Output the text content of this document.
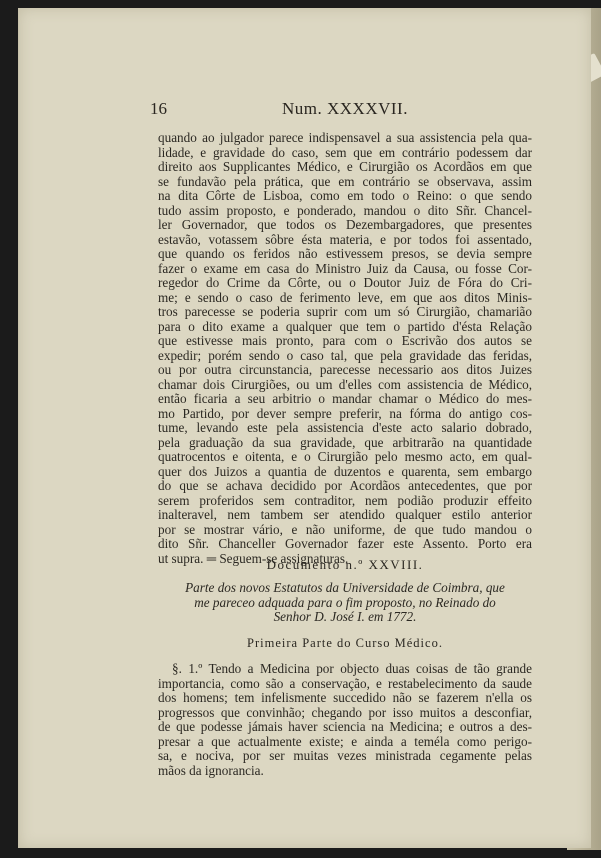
16	Num. XXXXVII.
quando ao julgador parece indispensavel a sua assistencia pela qua-
lidade, e gravidade do caso, sem que em contrário podessem dar
direito aos Supplicantes Médico, e Cirurgião os Acordãos em que
se fundavão pela prática, que em contrário se observava, assim
na dita Côrte de Lisboa, como em todo o Reino: o que sendo
tudo assim proposto, e ponderado, mandou o dito Sñr. Chancel-
ler Governador, que todos os Dezembargadores, que presentes
estavão, votassem sôbre ésta materia, e por todos foi assentado,
que quando os feridos não estivessem presos, se devia sempre
fazer o exame em casa do Ministro Juiz da Causa, ou fosse Cor-
regedor do Crime da Côrte, ou o Doutor Juiz de Fóra do Cri-
me; e sendo o caso de ferimento leve, em que aos ditos Minis-
tros parecesse se poderia suprir com um só Cirurgião, chamarião
para o dito exame a qualquer que tem o partido d'ésta Relação
que estivesse mais pronto, para com o Escrivão dos autos se
expedir; porém sendo o caso tal, que pela gravidade das feridas,
ou por outra circunstancia, parecesse necessario aos ditos Juizes
chamar dois Cirurgiões, ou um d'elles com assistencia de Médico,
então ficaria a seu arbitrio o mandar chamar o Médico do mes-
mo Partido, por dever sempre preferir, na fórma do antigo cos-
tume, levando este pela assistencia d'este acto salario dobrado,
pela graduação da sua gravidade, que arbitrarão na quantidade
quatrocentos e oitenta, e o Cirurgião pelo mesmo acto, em qual-
quer dos Juizos a quantia de duzentos e quarenta, sem embargo
do que se achava decidido por Acordãos antecedentes, que por
serem proferidos sem contraditor, nem podião produzir effeito
inalteravel, nem tambem ser atendido qualquer estilo anterior
por se mostrar vário, e não uniforme, de que tudo mandou o
dito Sñr. Chanceller Governador fazer este Assento. Porto era
ut supra. ═ Seguem-se assignaturas.
Documento n.º XXVIII.
Parte dos novos Estatutos da Universidade de Coimbra, que
me pareceo adquada para o fim proposto, no Reinado do
Senhor D. José I. em 1772.
Primeira Parte do Curso Médico.
§. 1.º Tendo a Medicina por objecto duas coisas de tão grande
importancia, como são a conservação, e restabelecimento da saude
dos homens; tem infelismente succedido não se fazerem n'ella os
progressos que convinhão; chegando por isso muitos a desconfiar,
de que podesse jámais haver sciencia na Medicina; e outros a des-
presar a que actualmente existe; e ainda a teméla como perigo-
sa, e nociva, por ser muitas vezes ministrada cegamente pelas
mãos da ignorancia.
